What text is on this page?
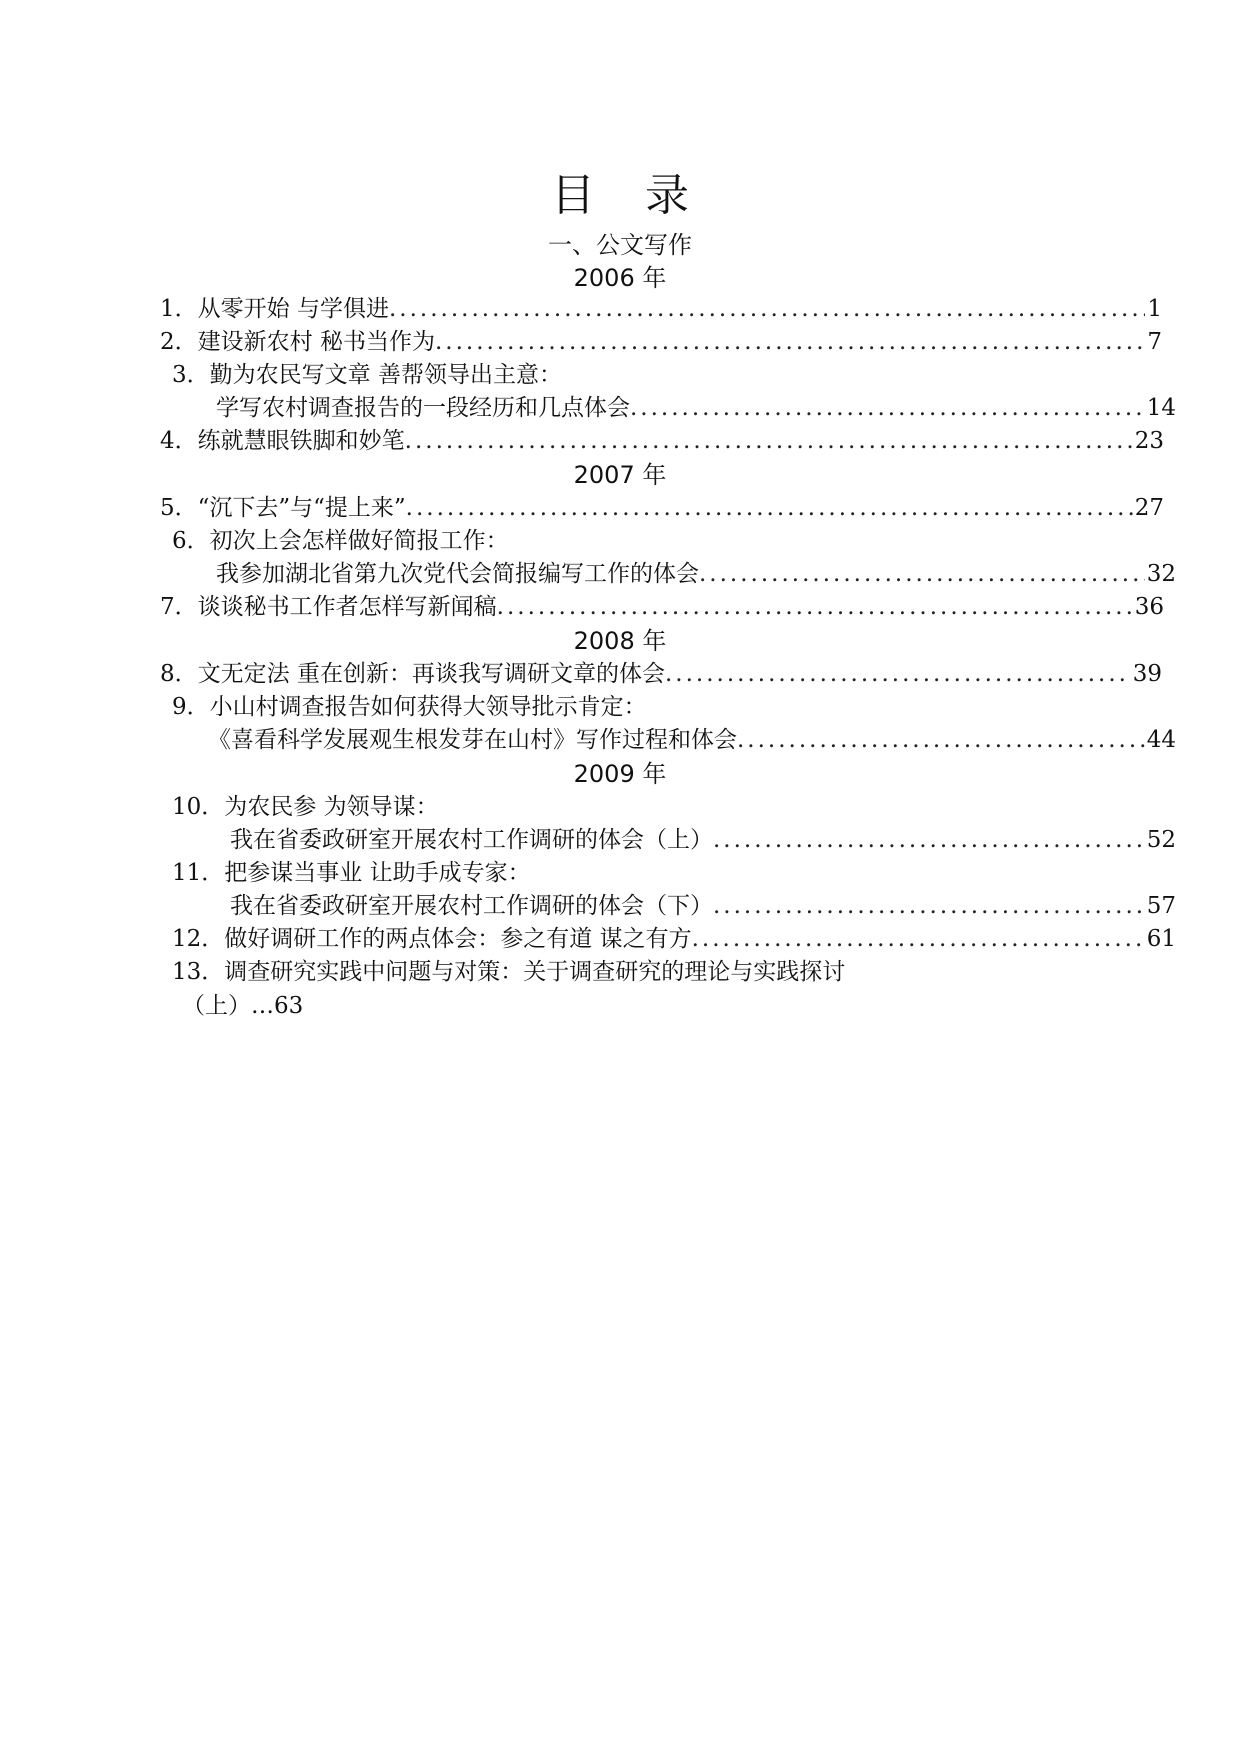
目 录
一、公文写作
2006 年
1．从零开始 与学俱进 .....	1
2．建设新农村 秘书当作为 .....	7
3．勤为农民写文章 善帮领导出主意：
学写农村调查报告的一段经历和几点体会 .....	14
4．练就慧眼铁脚和妙笔 .....	23
2007 年
5．“沉下去”与“提上来” .....	27
6．初次上会怎样做好简报工作：
我参加湖北省第九次党代会简报编写工作的体会 .....	32
7．谈谈秘书工作者怎样写新闻稿 .....	36
2008 年
8．文无定法 重在创新：再谈我写调研文章的体会 .....	39
9．小山村调查报告如何获得大领导批示肯定：
《喜看科学发展观生根发芽在山村》写作过程和体会 .....	44
2009 年
10．为农民参 为领导谋：
我在省委政研室开展农村工作调研的体会（上） .....	52
11．把参谋当事业 让助手成专家：
我在省委政研室开展农村工作调研的体会（下） .....	57
12．做好调研工作的两点体会：参之有道 谋之有方 .....	61
13．调查研究实践中问题与对策：关于调查研究的理论与实践探讨
（上）…63
